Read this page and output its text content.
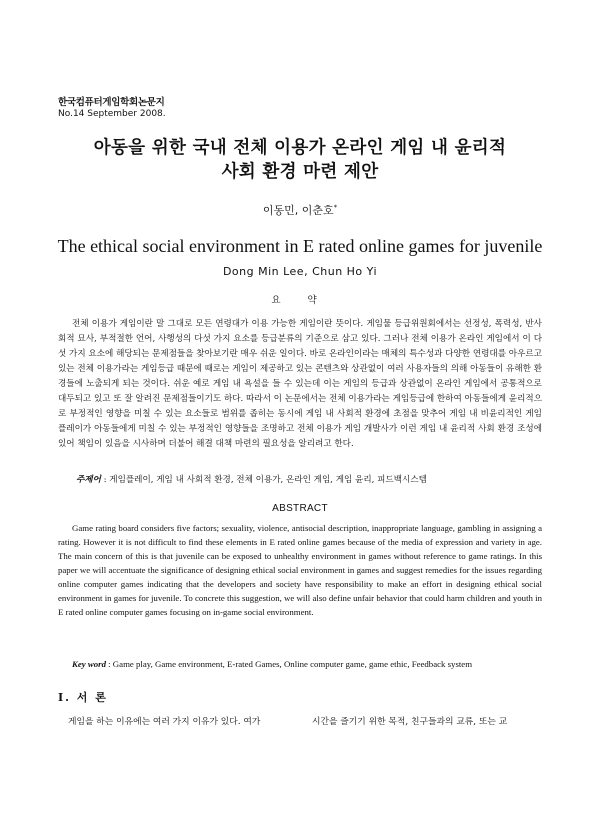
한국컴퓨터게임학회논문지
No.14 September 2008.
아동을 위한 국내 전체 이용가 온라인 게임 내 윤리적
사회 환경 마련 제안
이동민, 이춘호*
The ethical social environment in E rated online games for juvenile
Dong Min Lee, Chun Ho Yi
요 약

전체 이용가 게임이란 말 그대로 모든 연령대가 이용 가능한 게임이란 뜻이다. 게임물 등급위원회에서는 선정성, 폭력성, 반사회적 묘사, 부적절한 언어, 사행성의 다섯 가지 요소를 등급분류의 기준으로 삼고 있다. 그러나 전체 이용가 온라인 게임에서 이 다섯 가지 요소에 해당되는 문제점들을 찾아보기란 매우 쉬운 일이다. 바로 온라인이라는 매체의 특수성과 다양한 연령대를 아우르고 있는 전체 이용가라는 게임등급 때문에 때로는 게임이 제공하고 있는 콘텐츠와 상관없이 여러 사용자들의 의해 아동들이 유해한 환경들에 노출되게 되는 것이다. 쉬운 예로 게임 내 욕설을 들 수 있는데 이는 게임의 등급과 상관없이 온라인 게임에서 공통적으로 대두되고 있고 또 잘 알려진 문제점들이기도 하다. 따라서 이 논문에서는 전체 이용가라는 게임등급에 한하여 아동들에게 윤리적으로 부정적인 영향을 미칠 수 있는 요소들로 범위를 좁히는 동시에 게임 내 사회적 환경에 초점을 맞추어 게임 내 비윤리적인 게임 플레이가 아동들에게 미칠 수 있는 부정적인 영향들을 조명하고 전체 이용가 게임 개발사가 이런 게임 내 윤리적 사회 환경 조성에 있어 책임이 있음을 시사하며 더불어 해결 대책 마련의 필요성을 알리려고 한다.

주제어 : 게임플레이, 게임 내 사회적 환경, 전체 이용가, 온라인 게임, 게임 윤리, 피드백시스템
ABSTRACT

Game rating board considers five factors; sexuality, violence, antisocial description, inappropriate language, gambling in assigning a rating. However it is not difficult to find these elements in E rated online games because of the media of expression and variety in age. The main concern of this is that juvenile can be exposed to unhealthy environment in games without reference to game ratings. In this paper we will accentuate the significance of designing ethical social environment in games and suggest remedies for the issues regarding online computer games indicating that the developers and society have responsibility to make an effort in designing ethical social environment in games for juvenile. To concrete this suggestion, we will also define unfair behavior that could harm children and youth in E rated online computer games focusing on in-game social environment.

Key word : Game play, Game environment, E-rated Games, Online computer game, game ethic, Feedback system
Ⅰ. 서 론
게임을 하는 이유에는 여러 가지 이유가 있다. 여가	시간을 즐기기 위한 목적, 친구들과의 교류, 또는 교
